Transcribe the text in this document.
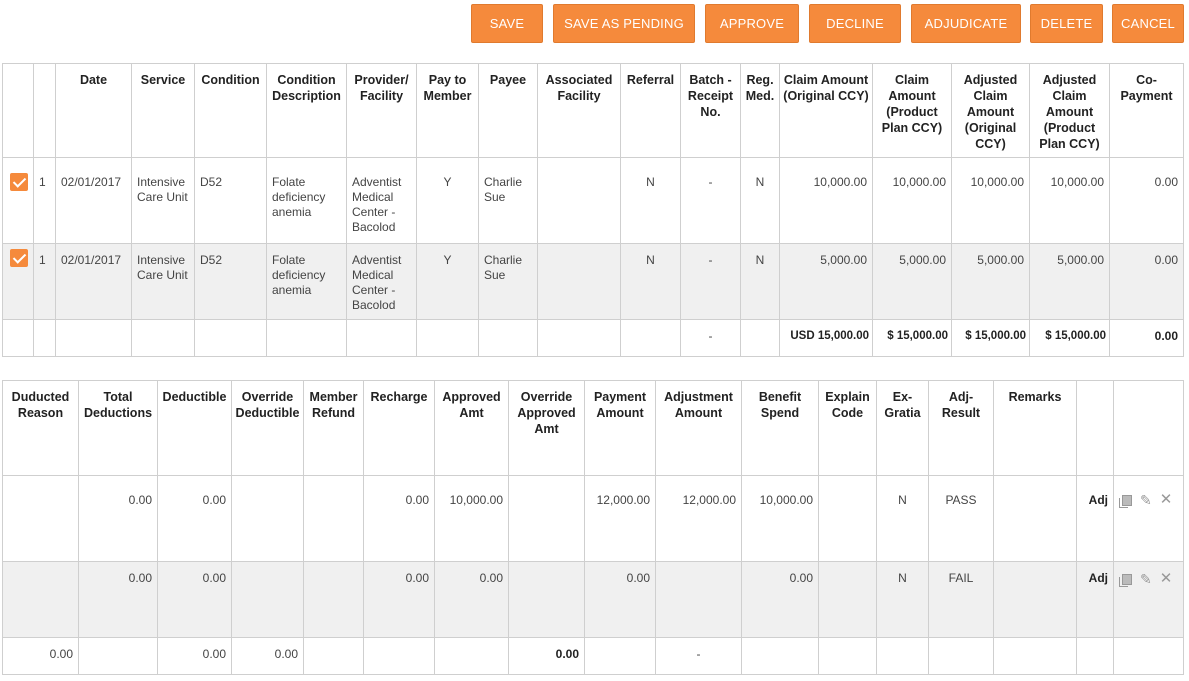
SAVE	SAVE AS PENDING	APPROVE	DECLINE	ADJUDICATE	DELETE	CANCEL
		Date	Service	Condition	Condition Description	Provider/ Facility	Pay to Member	Payee	Associated Facility	Referral	Batch - Receipt No.	Reg. Med.	Claim Amount (Original CCY)	Claim Amount (Product Plan CCY)	Adjusted Claim Amount (Original CCY)	Adjusted Claim Amount (Product Plan CCY)	Co-Payment
	1	02/01/2017	Intensive Care Unit	D52	Folate deficiency anemia	Adventist Medical Center - Bacolod	Y	Charlie Sue		N	-	N	10,000.00	10,000.00	10,000.00	10,000.00	0.00
	1	02/01/2017	Intensive Care Unit	D52	Folate deficiency anemia	Adventist Medical Center - Bacolod	Y	Charlie Sue		N	-	N	5,000.00	5,000.00	5,000.00	5,000.00	0.00
											-		USD 15,000.00	$ 15,000.00	$ 15,000.00	$ 15,000.00	0.00
Duducted Reason	Total Deductions	Deductible	Override Deductible	Member Refund	Recharge	Approved Amt	Override Approved Amt	Payment Amount	Adjustment Amount	Benefit Spend	Explain Code	Ex-Gratia	Adj-Result	Remarks		
	0.00	0.00			0.00	10,000.00		12,000.00	12,000.00	10,000.00		N	PASS		Adj	✎ ✕

	0.00	0.00			0.00	0.00		0.00		0.00		N	FAIL		Adj	✎ ✕

0.00		0.00	0.00				0.00		-							
